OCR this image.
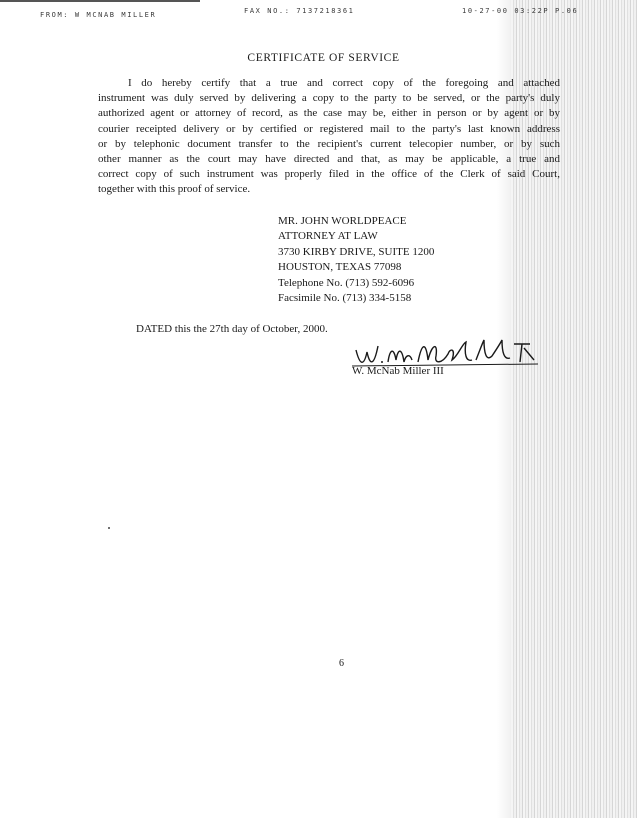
FROM: W MCNAB MILLER	FAX NO.: 7137218361	10-27-00 03:22P P.06
CERTIFICATE OF SERVICE
I do hereby certify that a true and correct copy of the foregoing and attached
instrument was duly served by delivering a copy to the party to be served, or the party's duly
authorized agent or attorney of record, as the case may be, either in person or by agent or by
courier receipted delivery or by certified or registered mail to the party's last known address
or by telephonic document transfer to the recipient's current telecopier number, or by such
other manner as the court may have directed and that, as may be applicable, a true and
correct copy of such instrument was properly filed in the office of the Clerk of said Court,
together with this proof of service.
MR. JOHN WORLDPEACE
ATTORNEY AT LAW
3730 KIRBY DRIVE, SUITE 1200
HOUSTON, TEXAS 77098
Telephone No. (713) 592-6096
Facsimile No. (713) 334-5158
DATED this the 27th day of October, 2000.
W. McNab Miller III
6
